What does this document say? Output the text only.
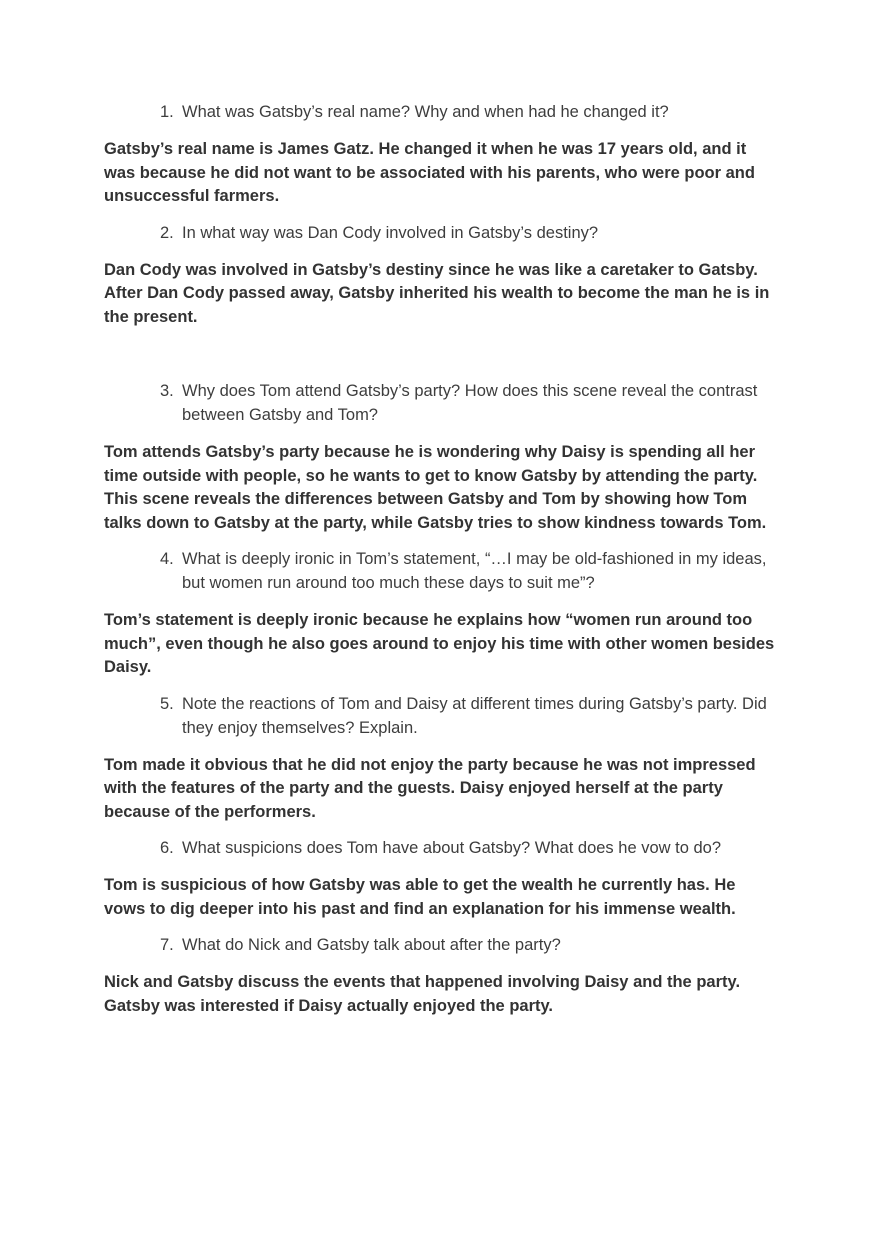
1. What was Gatsby’s real name? Why and when had he changed it?

Gatsby’s real name is James Gatz. He changed it when he was 17 years old, and it was because he did not want to be associated with his parents, who were poor and unsuccessful farmers.

2. In what way was Dan Cody involved in Gatsby’s destiny?

Dan Cody was involved in Gatsby’s destiny since he was like a caretaker to Gatsby. After Dan Cody passed away, Gatsby inherited his wealth to become the man he is in the present.

3. Why does Tom attend Gatsby’s party? How does this scene reveal the contrast between Gatsby and Tom?

Tom attends Gatsby’s party because he is wondering why Daisy is spending all her time outside with people, so he wants to get to know Gatsby by attending the party. This scene reveals the differences between Gatsby and Tom by showing how Tom talks down to Gatsby at the party, while Gatsby tries to show kindness towards Tom.

4. What is deeply ironic in Tom’s statement, “…I may be old-fashioned in my ideas, but women run around too much these days to suit me”?

Tom’s statement is deeply ironic because he explains how “women run around too much”, even though he also goes around to enjoy his time with other women besides Daisy.

5. Note the reactions of Tom and Daisy at different times during Gatsby’s party. Did they enjoy themselves? Explain.

Tom made it obvious that he did not enjoy the party because he was not impressed with the features of the party and the guests. Daisy enjoyed herself at the party because of the performers.

6. What suspicions does Tom have about Gatsby? What does he vow to do?

Tom is suspicious of how Gatsby was able to get the wealth he currently has. He vows to dig deeper into his past and find an explanation for his immense wealth.

7. What do Nick and Gatsby talk about after the party?

Nick and Gatsby discuss the events that happened involving Daisy and the party. Gatsby was interested if Daisy actually enjoyed the party.
